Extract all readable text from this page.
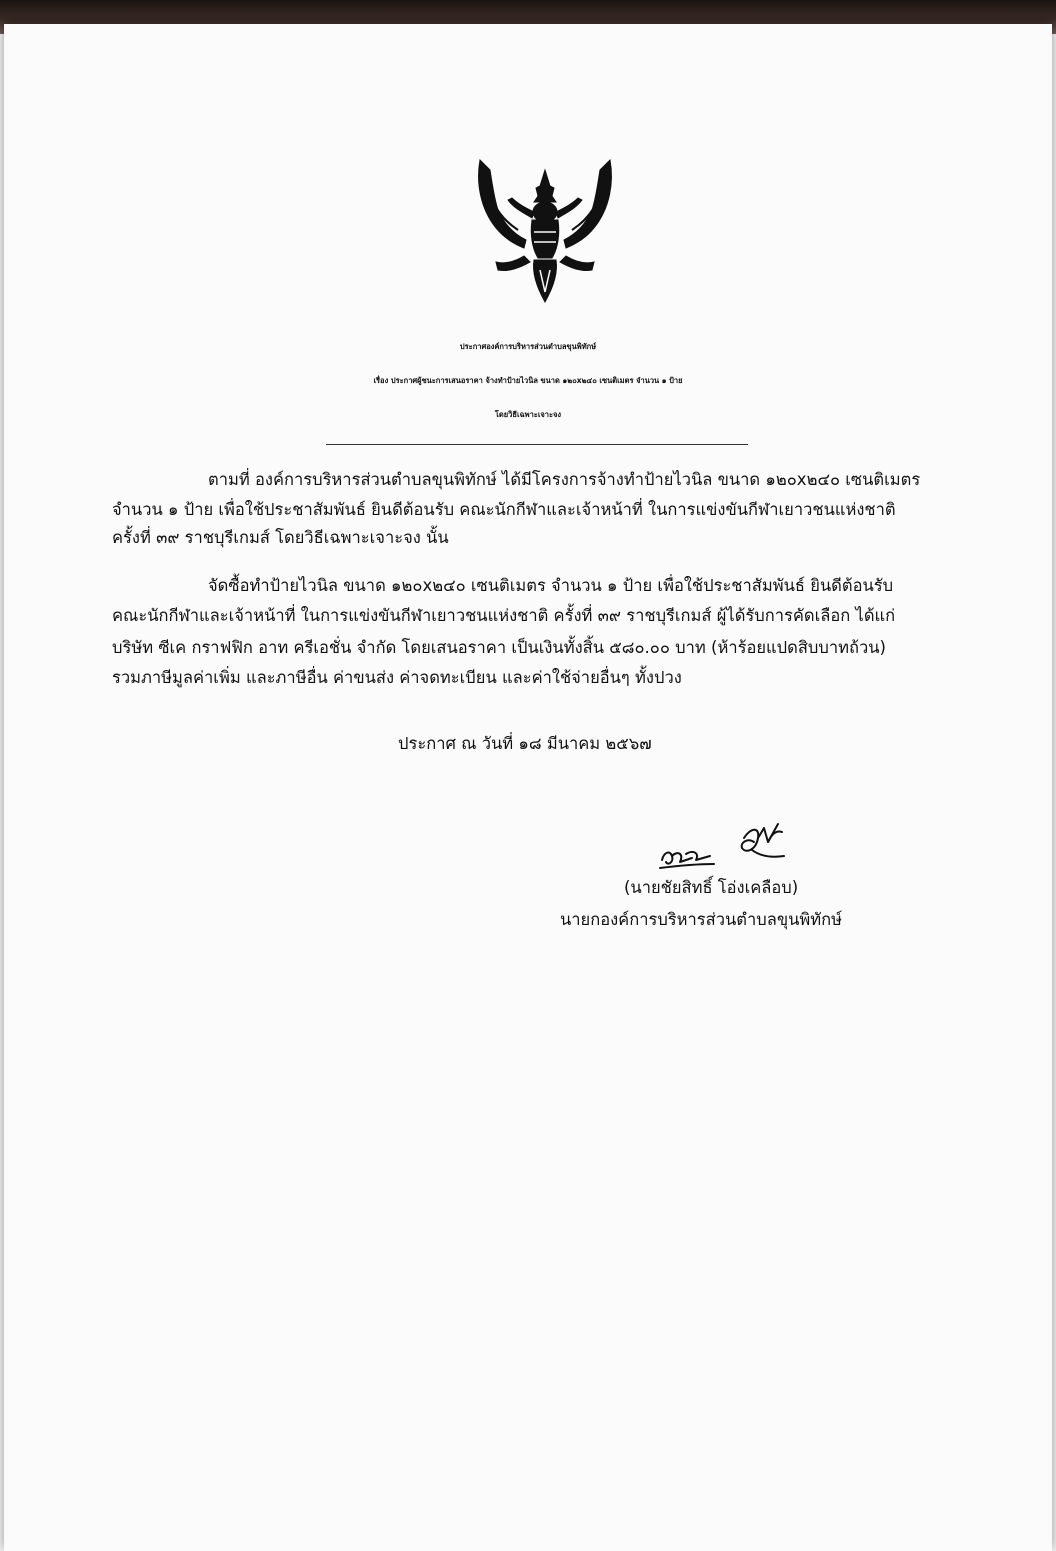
ประกาศองค์การบริหารส่วนตำบลขุนพิทักษ์
เรื่อง ประกาศผู้ชนะการเสนอราคา จ้างทำป้ายไวนิล ขนาด ๑๒๐x๒๔๐ เซนติเมตร จำนวน ๑ ป้าย
โดยวิธีเฉพาะเจาะจง
ตามที่ องค์การบริหารส่วนตำบลขุนพิทักษ์ ได้มีโครงการจ้างทำป้ายไวนิล ขนาด ๑๒๐x๒๔๐ เซนติเมตร
จำนวน ๑ ป้าย เพื่อใช้ประชาสัมพันธ์ ยินดีต้อนรับ คณะนักกีฬาและเจ้าหน้าที่ ในการแข่งขันกีฬาเยาวชนแห่งชาติ
ครั้งที่ ๓๙ ราชบุรีเกมส์ โดยวิธีเฉพาะเจาะจง นั้น
จัดซื้อทำป้ายไวนิล ขนาด ๑๒๐x๒๔๐ เซนติเมตร จำนวน ๑ ป้าย เพื่อใช้ประชาสัมพันธ์ ยินดีต้อนรับ
คณะนักกีฬาและเจ้าหน้าที่ ในการแข่งขันกีฬาเยาวชนแห่งชาติ ครั้งที่ ๓๙ ราชบุรีเกมส์ ผู้ได้รับการคัดเลือก ได้แก่
บริษัท ซีเค กราฟฟิก อาท ครีเอชั่น จำกัด โดยเสนอราคา เป็นเงินทั้งสิ้น ๕๘๐.๐๐ บาท (ห้าร้อยแปดสิบบาทถ้วน)
รวมภาษีมูลค่าเพิ่ม และภาษีอื่น ค่าขนส่ง ค่าจดทะเบียน และค่าใช้จ่ายอื่นๆ ทั้งปวง
ประกาศ ณ วันที่ ๑๘ มีนาคม ๒๕๖๗
(นายชัยสิทธิ์ โอ่งเคลือบ)
นายกองค์การบริหารส่วนตำบลขุนพิทักษ์
